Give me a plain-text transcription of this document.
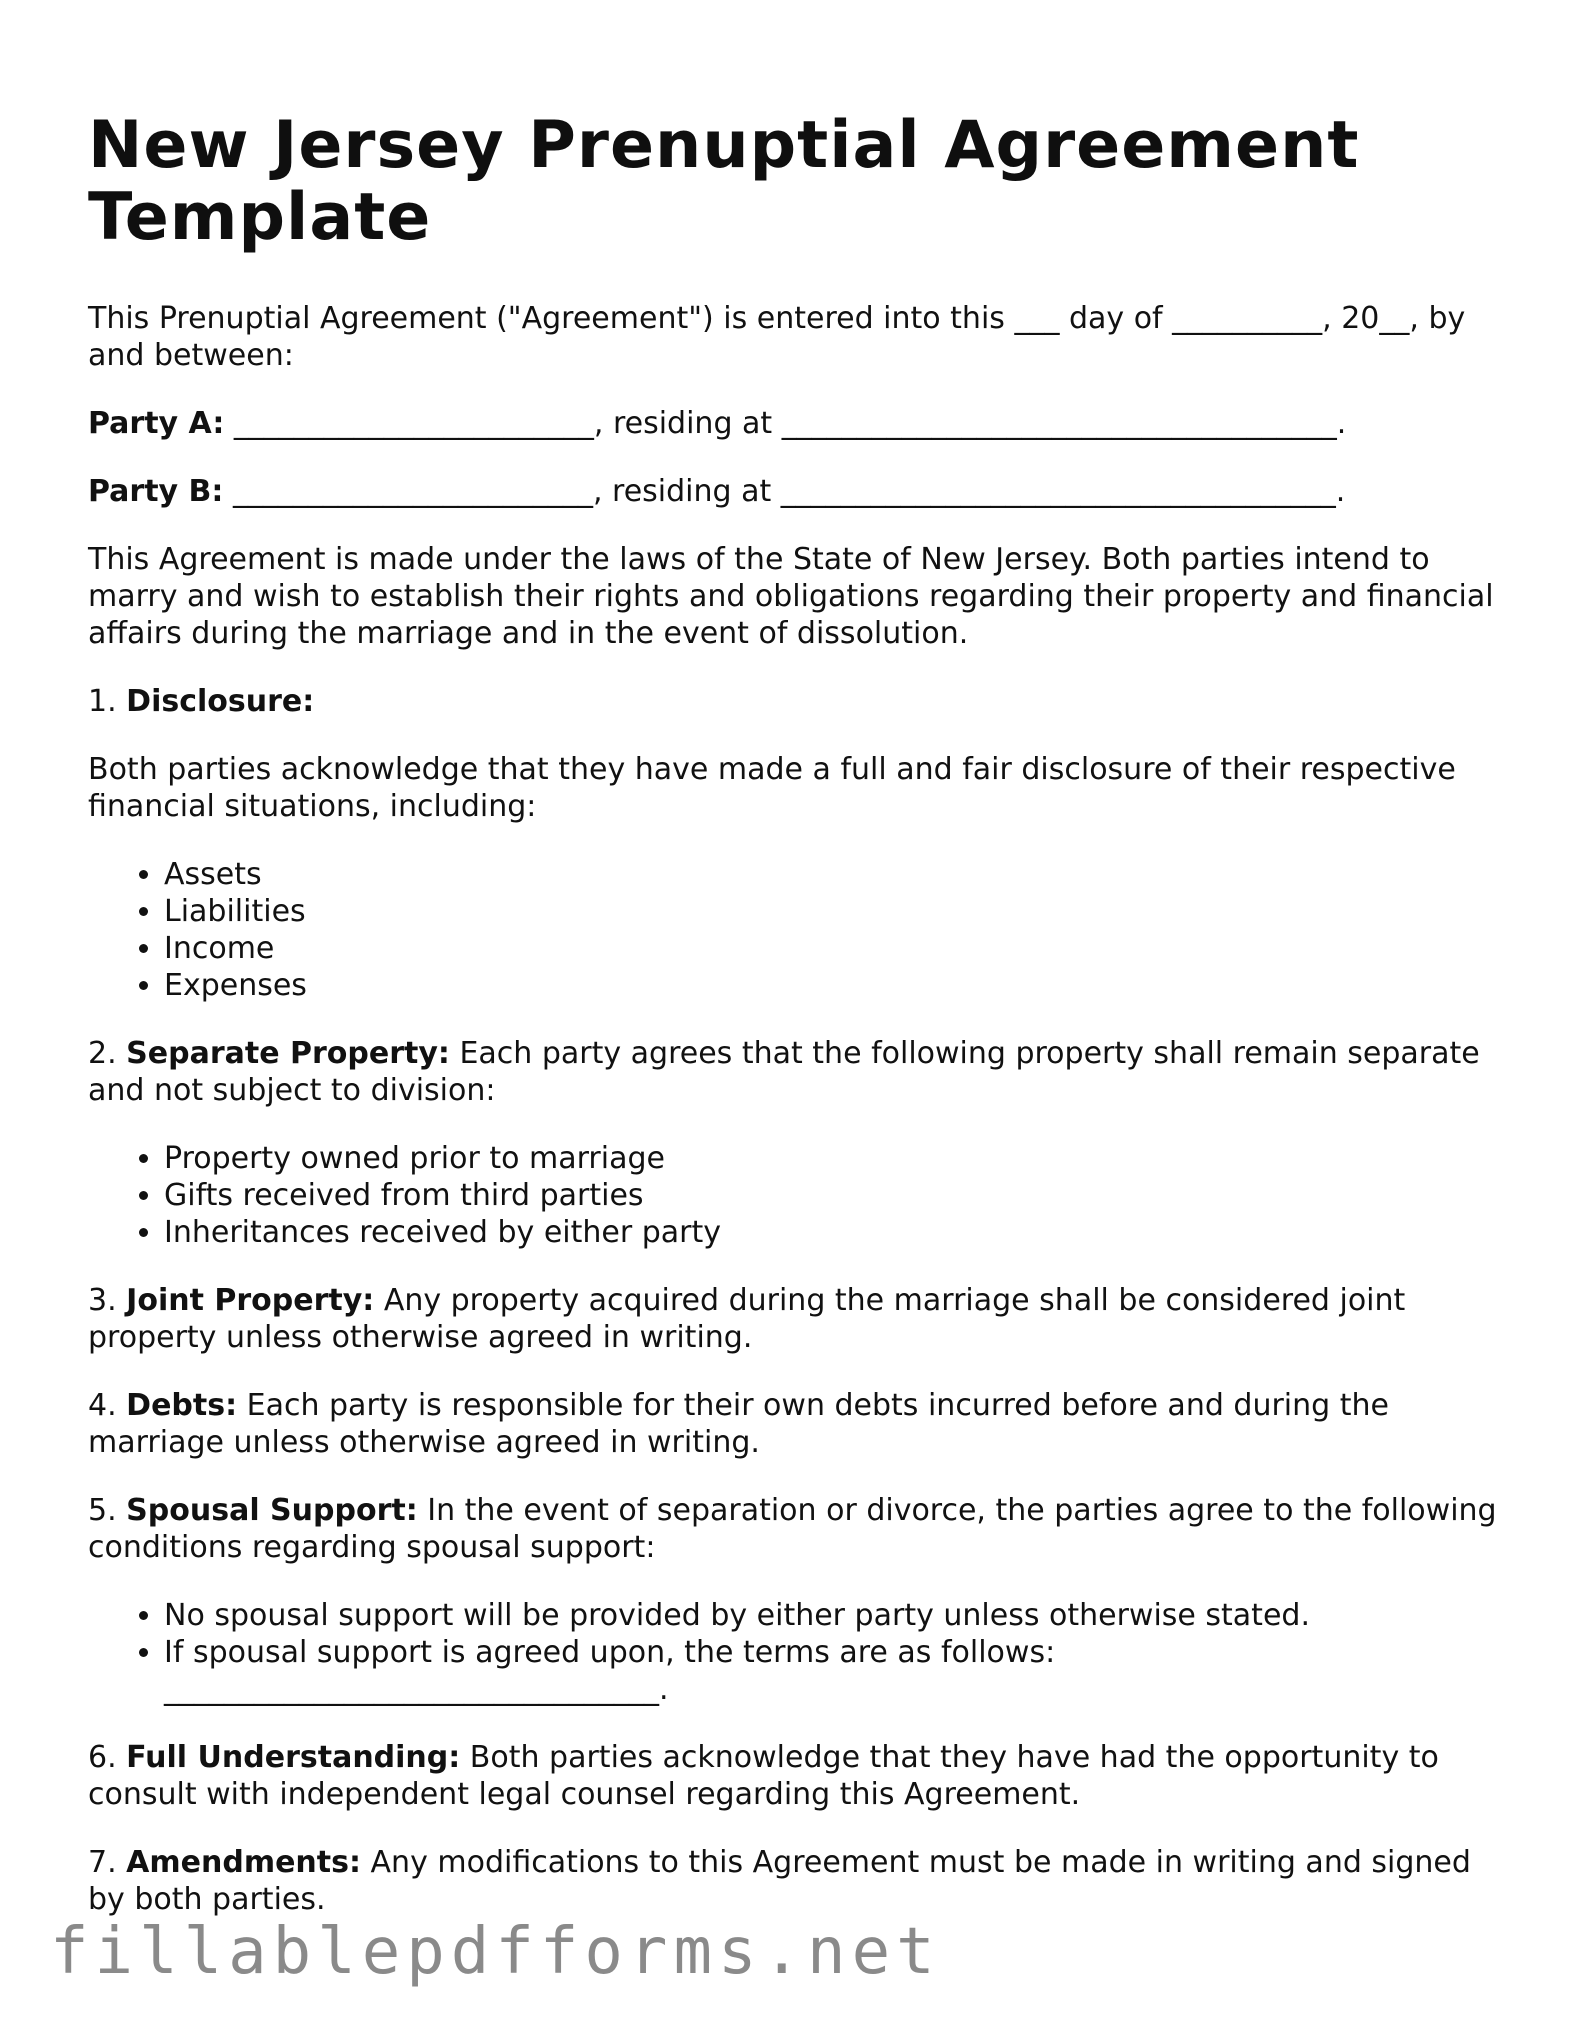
New Jersey Prenuptial Agreement Template

This Prenuptial Agreement ("Agreement") is entered into this ___ day of __________, 20__, by and between:

Party A: ________________________, residing at _____________________________________.

Party B: ________________________, residing at _____________________________________.

This Agreement is made under the laws of the State of New Jersey. Both parties intend to marry and wish to establish their rights and obligations regarding their property and financial affairs during the marriage and in the event of dissolution.

1. Disclosure:

Both parties acknowledge that they have made a full and fair disclosure of their respective financial situations, including:

• Assets
• Liabilities
• Income
• Expenses

2. Separate Property: Each party agrees that the following property shall remain separate and not subject to division:

• Property owned prior to marriage
• Gifts received from third parties
• Inheritances received by either party

3. Joint Property: Any property acquired during the marriage shall be considered joint property unless otherwise agreed in writing.

4. Debts: Each party is responsible for their own debts incurred before and during the marriage unless otherwise agreed in writing.

5. Spousal Support: In the event of separation or divorce, the parties agree to the following conditions regarding spousal support:

• No spousal support will be provided by either party unless otherwise stated.
• If spousal support is agreed upon, the terms are as follows: _________________________________.

6. Full Understanding: Both parties acknowledge that they have had the opportunity to consult with independent legal counsel regarding this Agreement.

7. Amendments: Any modifications to this Agreement must be made in writing and signed by both parties.

fillablepdfforms.net
